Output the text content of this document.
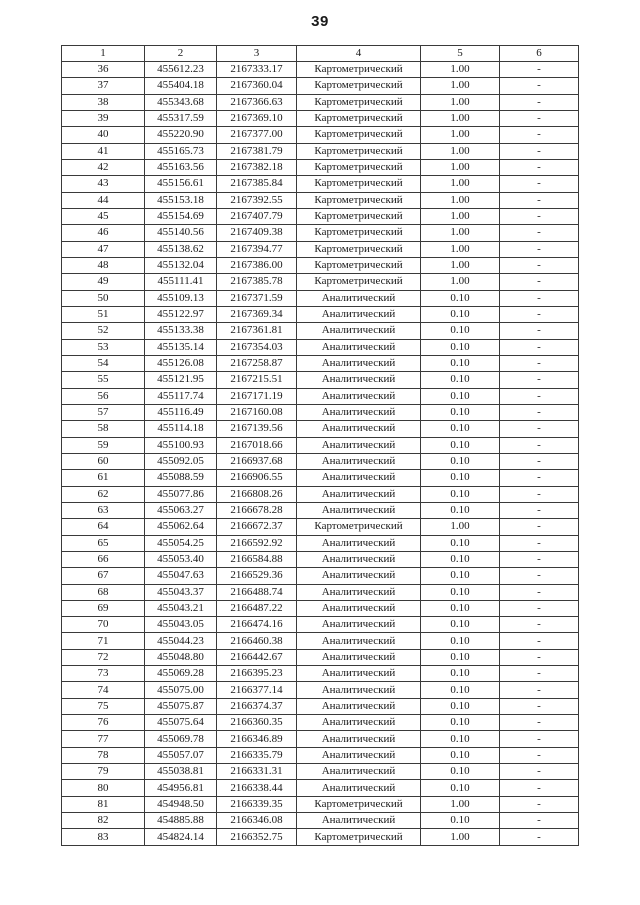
39
1	2	3	4	5	6
36	455612.23	2167333.17	Картометрический	1.00	-
37	455404.18	2167360.04	Картометрический	1.00	-
38	455343.68	2167366.63	Картометрический	1.00	-
39	455317.59	2167369.10	Картометрический	1.00	-
40	455220.90	2167377.00	Картометрический	1.00	-
41	455165.73	2167381.79	Картометрический	1.00	-
42	455163.56	2167382.18	Картометрический	1.00	-
43	455156.61	2167385.84	Картометрический	1.00	-
44	455153.18	2167392.55	Картометрический	1.00	-
45	455154.69	2167407.79	Картометрический	1.00	-
46	455140.56	2167409.38	Картометрический	1.00	-
47	455138.62	2167394.77	Картометрический	1.00	-
48	455132.04	2167386.00	Картометрический	1.00	-
49	455111.41	2167385.78	Картометрический	1.00	-
50	455109.13	2167371.59	Аналитический	0.10	-
51	455122.97	2167369.34	Аналитический	0.10	-
52	455133.38	2167361.81	Аналитический	0.10	-
53	455135.14	2167354.03	Аналитический	0.10	-
54	455126.08	2167258.87	Аналитический	0.10	-
55	455121.95	2167215.51	Аналитический	0.10	-
56	455117.74	2167171.19	Аналитический	0.10	-
57	455116.49	2167160.08	Аналитический	0.10	-
58	455114.18	2167139.56	Аналитический	0.10	-
59	455100.93	2167018.66	Аналитический	0.10	-
60	455092.05	2166937.68	Аналитический	0.10	-
61	455088.59	2166906.55	Аналитический	0.10	-
62	455077.86	2166808.26	Аналитический	0.10	-
63	455063.27	2166678.28	Аналитический	0.10	-
64	455062.64	2166672.37	Картометрический	1.00	-
65	455054.25	2166592.92	Аналитический	0.10	-
66	455053.40	2166584.88	Аналитический	0.10	-
67	455047.63	2166529.36	Аналитический	0.10	-
68	455043.37	2166488.74	Аналитический	0.10	-
69	455043.21	2166487.22	Аналитический	0.10	-
70	455043.05	2166474.16	Аналитический	0.10	-
71	455044.23	2166460.38	Аналитический	0.10	-
72	455048.80	2166442.67	Аналитический	0.10	-
73	455069.28	2166395.23	Аналитический	0.10	-
74	455075.00	2166377.14	Аналитический	0.10	-
75	455075.87	2166374.37	Аналитический	0.10	-
76	455075.64	2166360.35	Аналитический	0.10	-
77	455069.78	2166346.89	Аналитический	0.10	-
78	455057.07	2166335.79	Аналитический	0.10	-
79	455038.81	2166331.31	Аналитический	0.10	-
80	454956.81	2166338.44	Аналитический	0.10	-
81	454948.50	2166339.35	Картометрический	1.00	-
82	454885.88	2166346.08	Аналитический	0.10	-
83	454824.14	2166352.75	Картометрический	1.00	-
